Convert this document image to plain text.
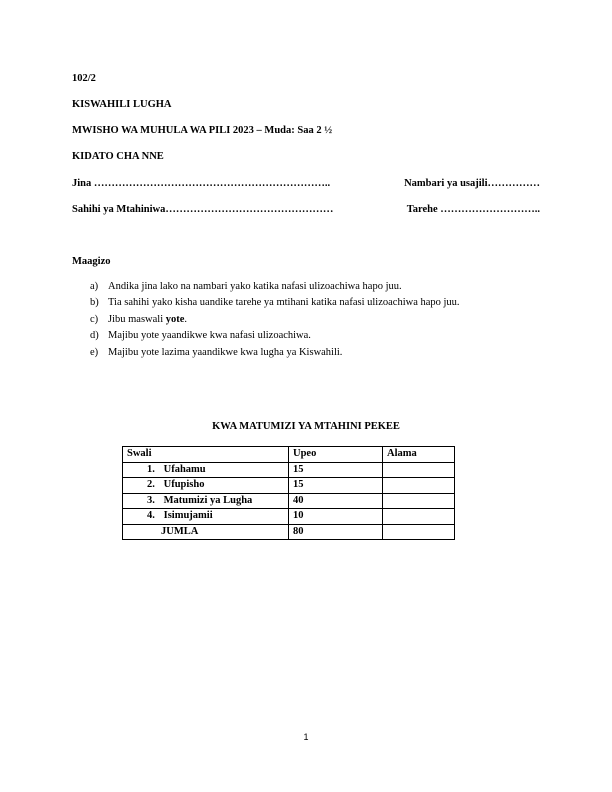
102/2
KISWAHILI LUGHA
MWISHO WA MUHULA WA PILI 2023 – Muda: Saa 2 ½
KIDATO CHA NNE
Jina …………………………………………………………..	Nambari ya usajili……………
Sahihi ya Mtahiniwa…………………………………………	Tarehe ………………………..
Maagizo
a) Andika jina lako na nambari yako katika nafasi ulizoachiwa hapo juu.
b) Tia sahihi yako kisha uandike tarehe ya mtihani katika nafasi ulizoachiwa hapo juu.
c) Jibu maswali yote.
d) Majibu yote yaandikwe kwa nafasi ulizoachiwa.
e) Majibu yote lazima yaandikwe kwa lugha ya Kiswahili.
KWA MATUMIZI YA MTAHINI PEKEE
Swali	Upeo	Alama
1. Ufahamu	15	
2. Ufupisho	15	
3. Matumizi ya Lugha	40	
4. Isimujamii	10	
JUMLA	80	
1
